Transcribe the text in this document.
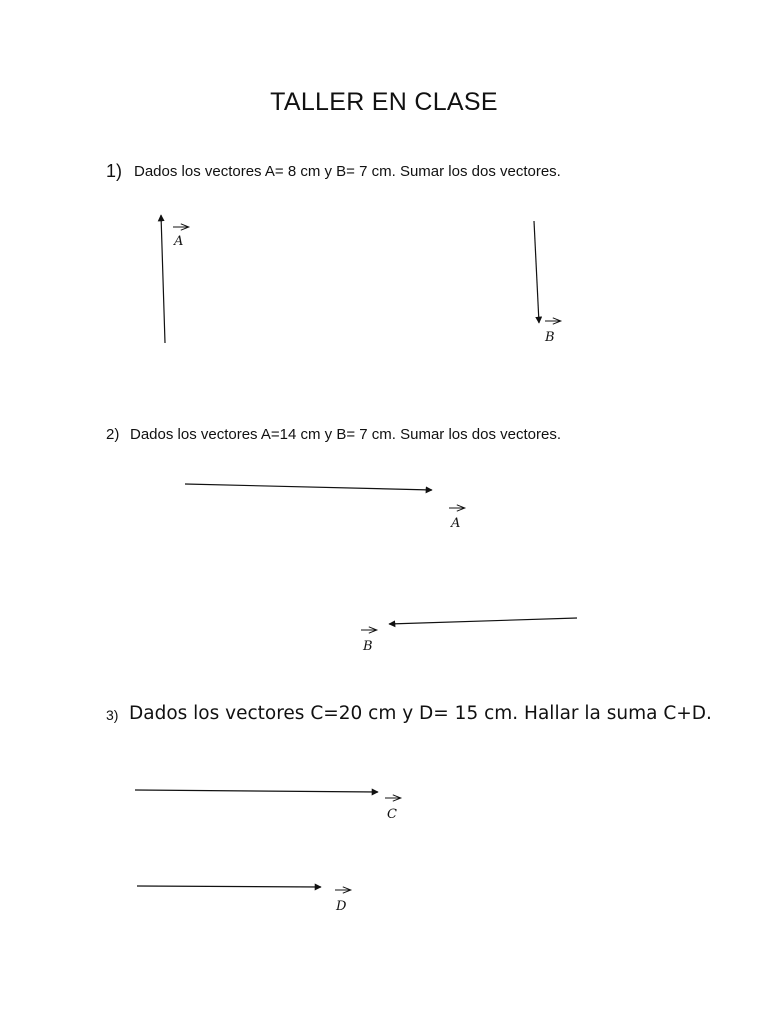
TALLER EN CLASE
1) Dados los vectores A= 8 cm y B= 7 cm. Sumar los dos vectores.
2) Dados los vectores A=14 cm y B= 7 cm. Sumar los dos vectores.
3) Dados los vectores C=20 cm y D= 15 cm. Hallar la suma C+D.
A
B
A
B
C
D
